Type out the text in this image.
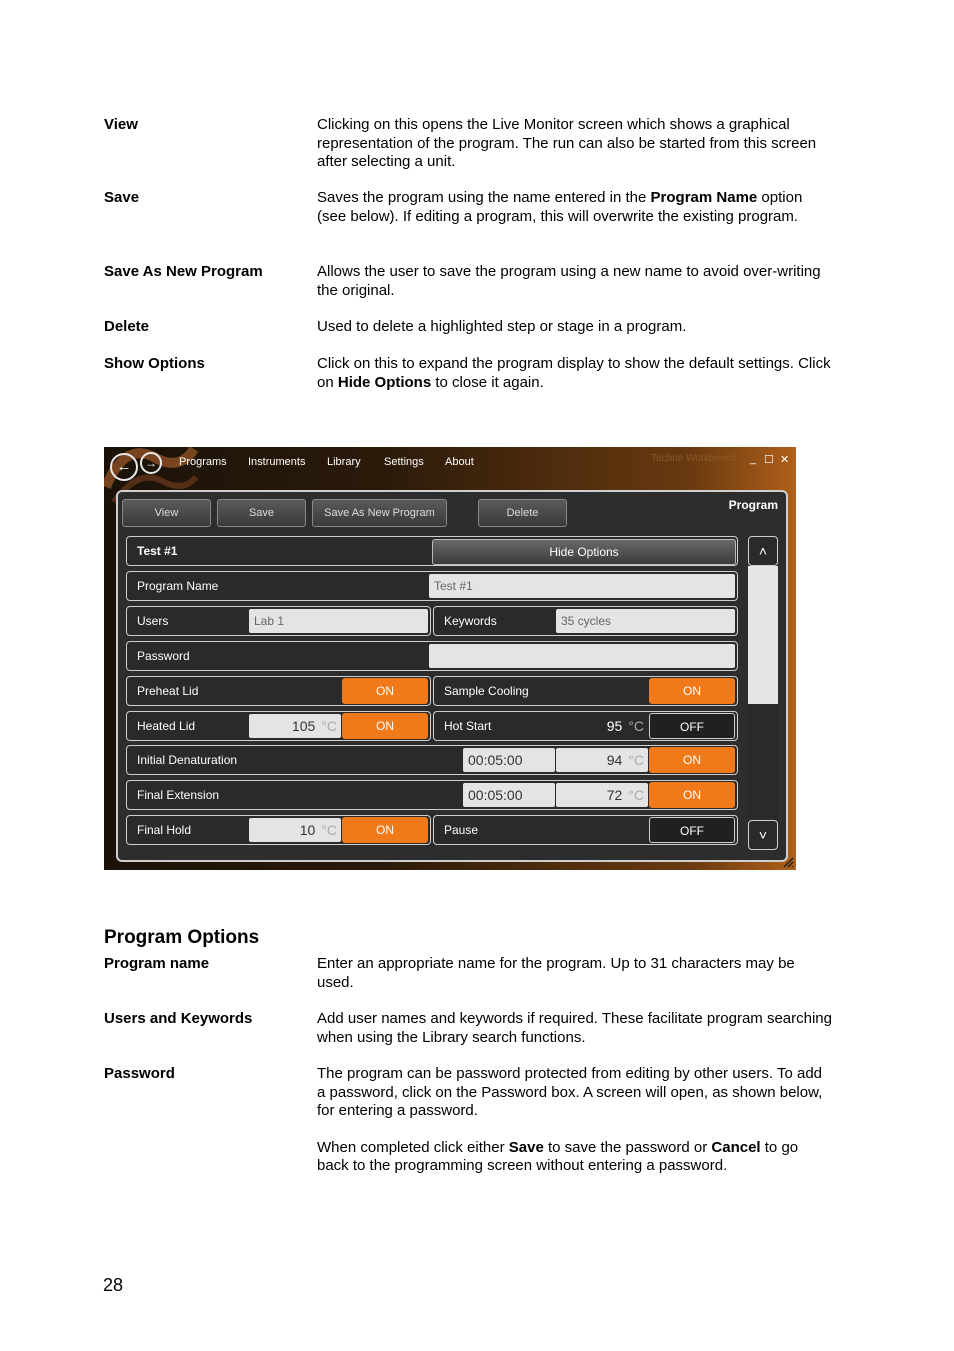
View	Clicking on this opens the Live Monitor screen which shows a graphical representation of the program. The run can also be started from this screen after selecting a unit.
Save	Saves the program using the name entered in the Program Name option (see below). If editing a program, this will overwrite the existing program.
Save As New Program	Allows the user to save the program using a new name to avoid over-writing the original.
Delete	Used to delete a highlighted step or stage in a program.
Show Options	Click on this to expand the program display to show the default settings. Click on Hide Options to close it again.
←	→	Programs Instruments Library Settings About	Techne Workbench _ ☐ ✕
View	Save	Save As New Program	Delete
Program
Test #1	Hide Options
Program Name	Test #1
Users	Lab 1	Keywords	35 cycles
Password
Preheat Lid	ON	Sample Cooling	ON
Heated Lid	105 °C	ON	Hot Start	95 °C	OFF
Initial Denaturation	00:05:00	94 °C	ON
Final Extension	00:05:00	72 °C	ON
Final Hold	10 °C	ON	Pause	OFF
˄
˅
Program Options
Program name	Enter an appropriate name for the program. Up to 31 characters may be used.
Users and Keywords	Add user names and keywords if required. These facilitate program searching when using the Library search functions.
Password	The program can be password protected from editing by other users. To add a password, click on the Password box. A screen will open, as shown below, for entering a password.

When completed click either Save to save the password or Cancel to go back to the programming screen without entering a password.

28
